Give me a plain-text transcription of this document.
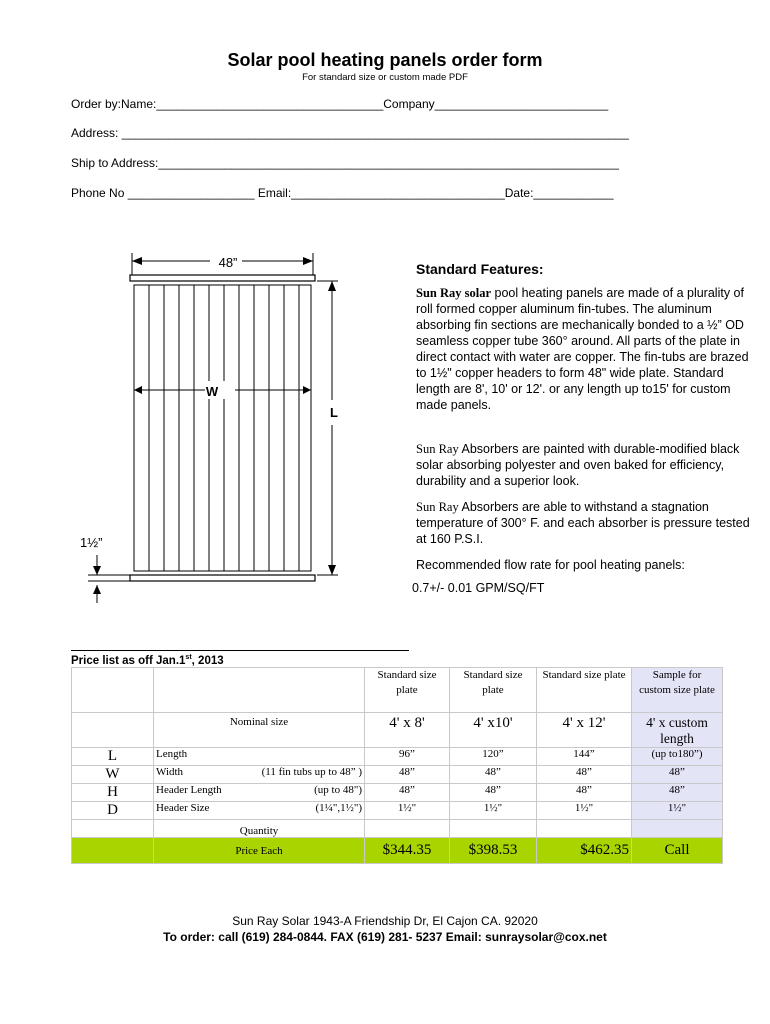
Solar pool heating panels order form
For standard size or custom made PDF
Order by:Name:__________________________________Company__________________________
Address: ____________________________________________________________________________
Ship to Address:_____________________________________________________________________
Phone No ___________________ Email:________________________________Date:____________
48”
W
L
1½”
Standard Features:
Sun Ray solar pool heating panels are made of a plurality of roll formed copper aluminum fin-tubes. The aluminum absorbing fin sections are mechanically bonded to a ½” OD seamless copper tube 360° around. All parts of the plate in direct contact with water are copper. The fin-tubs are brazed to 1½" copper headers to form 48" wide plate. Standard length are 8', 10' or 12'. or any length up to15' for custom made panels.
Sun Ray Absorbers are painted with durable-modified black solar absorbing polyester and oven baked for efficiency, durability and a superior look.
Sun Ray Absorbers are able to withstand a stagnation temperature of 300° F. and each absorber is pressure tested at 160 P.S.I.
Recommended flow rate for pool heating panels:
0.7+/- 0.01 GPM/SQ/FT
Price list as off Jan.1st, 2013
		Standard size plate	Standard size plate	Standard size plate	Sample for custom size plate
	Nominal size	4' x 8'	4' x10'	4' x 12'	4' x custom length
L	Length	96”	120”	144”	(up to180”)
W	Width (11 fin tubs up to 48” )	48”	48”	48”	48”
H	Header Length (up to 48")	48”	48”	48”	48”
D	Header Size (1¼",1½")	1½"	1½"	1½"	1½"
	Quantity				
	Price Each	$344.35	$398.53	$462.35	Call
Sun Ray Solar 1943-A Friendship Dr, El Cajon CA. 92020
To order: call (619) 284-0844. FAX (619) 281- 5237 Email: sunraysolar@cox.net
